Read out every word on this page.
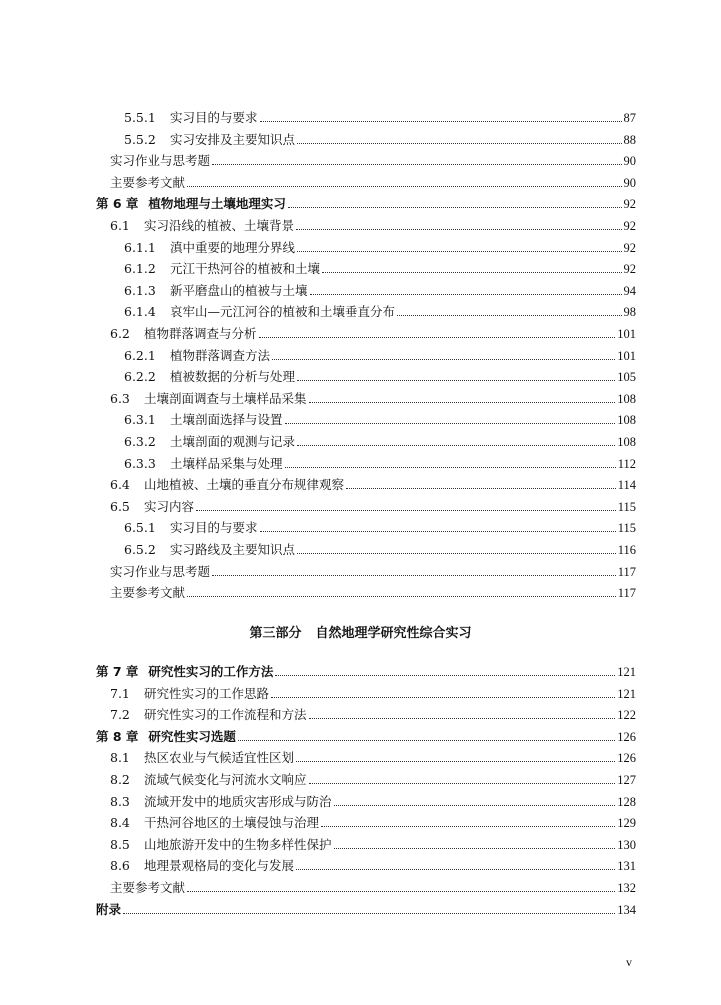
5.5.1 实习目的与要求	87
5.5.2 实习安排及主要知识点	88
实习作业与思考题	90
主要参考文献	90
第 6 章 植物地理与土壤地理实习	92
6.1 实习沿线的植被、土壤背景	92
6.1.1 滇中重要的地理分界线	92
6.1.2 元江干热河谷的植被和土壤	92
6.1.3 新平磨盘山的植被与土壤	94
6.1.4 哀牢山—元江河谷的植被和土壤垂直分布	98
6.2 植物群落调查与分析	101
6.2.1 植物群落调查方法	101
6.2.2 植被数据的分析与处理	105
6.3 土壤剖面调查与土壤样品采集	108
6.3.1 土壤剖面选择与设置	108
6.3.2 土壤剖面的观测与记录	108
6.3.3 土壤样品采集与处理	112
6.4 山地植被、土壤的垂直分布规律观察	114
6.5 实习内容	115
6.5.1 实习目的与要求	115
6.5.2 实习路线及主要知识点	116
实习作业与思考题	117
主要参考文献	117
第 7 章 研究性实习的工作方法	121
7.1 研究性实习的工作思路	121
7.2 研究性实习的工作流程和方法	122
第 8 章 研究性实习选题	126
8.1 热区农业与气候适宜性区划	126
8.2 流域气候变化与河流水文响应	127
8.3 流域开发中的地质灾害形成与防治	128
8.4 干热河谷地区的土壤侵蚀与治理	129
8.5 山地旅游开发中的生物多样性保护	130
8.6 地理景观格局的变化与发展	131
主要参考文献	132
附录	134
第三部分 自然地理学研究性综合实习
v
